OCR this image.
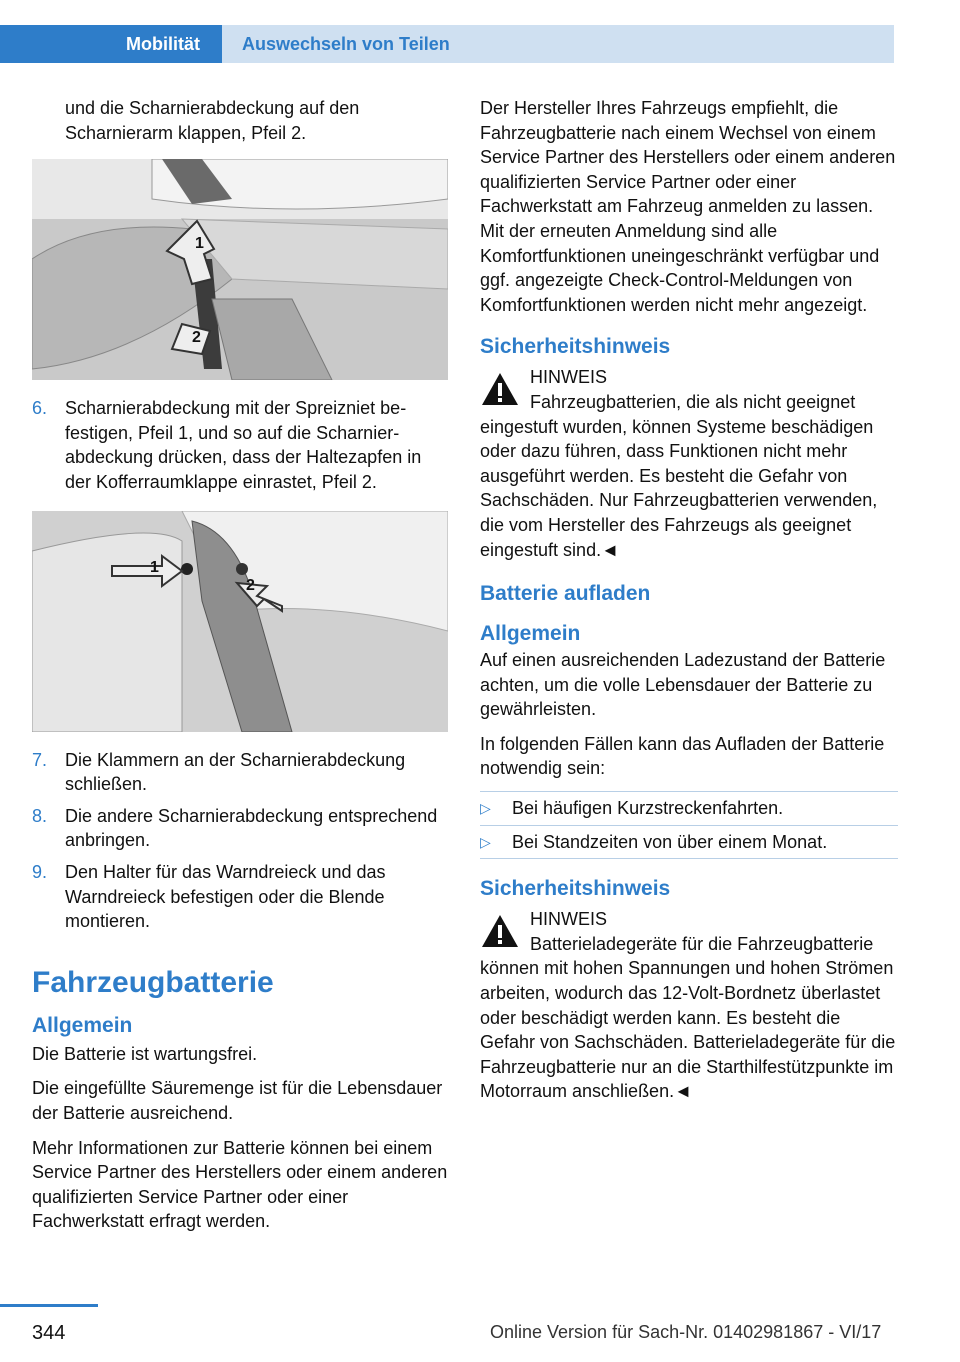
Mobilität Auswechseln von Teilen

und die Scharnierabdeckung auf den Scharnierarm klappen, Pfeil 2.

1
2
6. Scharnierabdeckung mit der Spreizniet befestigen, Pfeil 1, und so auf die Scharnierabdeckung drücken, dass der Haltezapfen in der Kofferraumklappe einrastet, Pfeil 2.
1
2
7. Die Klammern an der Scharnierabdeckung schließen.
8. Die andere Scharnierabdeckung entsprechend anbringen.
9. Den Halter für das Warndreieck und das Warndreieck befestigen oder die Blende montieren.
Fahrzeugbatterie
Allgemein

Die Batterie ist wartungsfrei.

Die eingefüllte Säuremenge ist für die Lebensdauer der Batterie ausreichend.

Mehr Informationen zur Batterie können bei einem Service Partner des Herstellers oder einem anderen qualifizierten Service Partner oder einer Fachwerkstatt erfragt werden.

Der Hersteller Ihres Fahrzeugs empfiehlt, die Fahrzeugbatterie nach einem Wechsel von einem Service Partner des Herstellers oder einem anderen qualifizierten Service Partner oder einer Fachwerkstatt am Fahrzeug anmelden zu lassen. Mit der erneuten Anmeldung sind alle Komfortfunktionen uneingeschränkt verfügbar und ggf. angezeigte Check-Control-Meldungen von Komfortfunktionen werden nicht mehr angezeigt.

Sicherheitshinweis
HINWEIS
Fahrzeugbatterien, die als nicht geeignet eingestuft wurden, können Systeme beschädigen oder dazu führen, dass Funktionen nicht mehr ausgeführt werden. Es besteht die Gefahr von Sachschäden. Nur Fahrzeugbatterien verwenden, die vom Hersteller des Fahrzeugs als geeignet eingestuft sind.◄
Batterie aufladen
Allgemein

Auf einen ausreichenden Ladezustand der Batterie achten, um die volle Lebensdauer der Batterie zu gewährleisten.

In folgenden Fällen kann das Aufladen der Batterie notwendig sein:

▷	Bei häufigen Kurzstreckenfahrten.
▷	Bei Standzeiten von über einem Monat.
Sicherheitshinweis
HINWEIS
Batterieladegeräte für die Fahrzeugbatterie können mit hohen Spannungen und hohen Strömen arbeiten, wodurch das 12-Volt-Bordnetz überlastet oder beschädigt werden kann. Es besteht die Gefahr von Sachschäden. Batterieladegeräte für die Fahrzeugbatterie nur an die Starthilfestützpunkte im Motorraum anschließen.◄
344	Online Version für Sach-Nr. 01402981867 - VI/17
